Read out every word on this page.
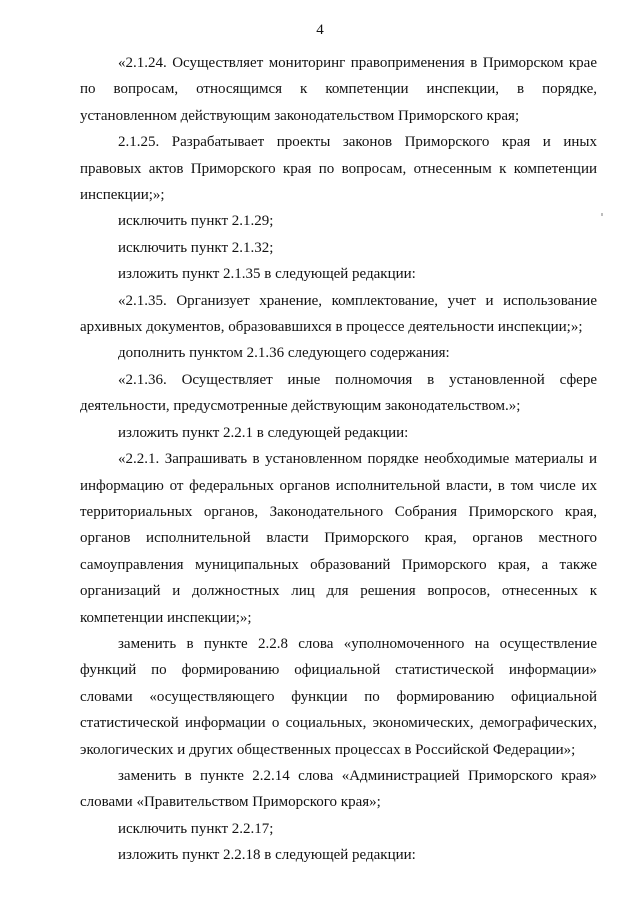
4

«2.1.24. Осуществляет мониторинг правоприменения в Приморском крае по вопросам, относящимся к компетенции инспекции, в порядке, установленном действующим законодательством Приморского края;

2.1.25. Разрабатывает проекты законов Приморского края и иных правовых актов Приморского края по вопросам, отнесенным к компетенции инспекции;»;

исключить пункт 2.1.29;

исключить пункт 2.1.32;

изложить пункт 2.1.35 в следующей редакции:

«2.1.35. Организует хранение, комплектование, учет и использование архивных документов, образовавшихся в процессе деятельности инспекции;»;

дополнить пунктом 2.1.36 следующего содержания:

«2.1.36. Осуществляет иные полномочия в установленной сфере деятельности, предусмотренные действующим законодательством.»;

изложить пункт 2.2.1 в следующей редакции:

«2.2.1. Запрашивать в установленном порядке необходимые материалы и информацию от федеральных органов исполнительной власти, в том числе их территориальных органов, Законодательного Собрания Приморского края, органов исполнительной власти Приморского края, органов местного самоуправления муниципальных образований Приморского края, а также организаций и должностных лиц для решения вопросов, отнесенных к компетенции инспекции;»;

заменить в пункте 2.2.8 слова «уполномоченного на осуществление функций по формированию официальной статистической информации» словами «осуществляющего функции по формированию официальной статистической информации о социальных, экономических, демографических, экологических и других общественных процессах в Российской Федерации»;

заменить в пункте 2.2.14 слова «Администрацией Приморского края» словами «Правительством Приморского края»;

исключить пункт 2.2.17;

изложить пункт 2.2.18 в следующей редакции:
